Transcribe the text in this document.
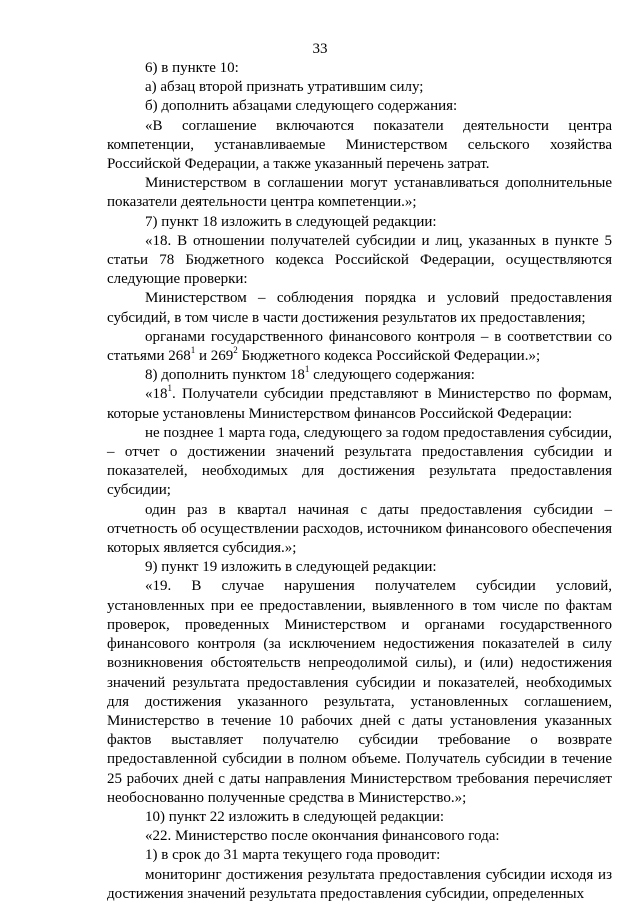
33

6) в пункте 10:

а) абзац второй признать утратившим силу;

б) дополнить абзацами следующего содержания:

«В соглашение включаются показатели деятельности центра компетенции, устанавливаемые Министерством сельского хозяйства Российской Федерации, а также указанный перечень затрат.

Министерством в соглашении могут устанавливаться дополнительные показатели деятельности центра компетенции.»;

7) пункт 18 изложить в следующей редакции:

«18. В отношении получателей субсидии и лиц, указанных в пункте 5 статьи 78 Бюджетного кодекса Российской Федерации, осуществляются следующие проверки:

Министерством – соблюдения порядка и условий предоставления субсидий, в том числе в части достижения результатов их предоставления;

органами государственного финансового контроля – в соответствии со статьями $268^1$ и $269^2$ Бюджетного кодекса Российской Федерации.»;

8) дополнить пунктом $18^1$ следующего содержания:

«$18^1$. Получатели субсидии представляют в Министерство по формам, которые установлены Министерством финансов Российской Федерации:

не позднее 1 марта года, следующего за годом предоставления субсидии, – отчет о достижении значений результата предоставления субсидии и показателей, необходимых для достижения результата предоставления субсидии;

один раз в квартал начиная с даты предоставления субсидии – отчетность об осуществлении расходов, источником финансового обеспечения которых является субсидия.»;

9) пункт 19 изложить в следующей редакции:

«19. В случае нарушения получателем субсидии условий, установленных при ее предоставлении, выявленного в том числе по фактам проверок, проведенных Министерством и органами государственного финансового контроля (за исключением недостижения показателей в силу возникновения обстоятельств непреодолимой силы), и (или) недостижения значений результата предоставления субсидии и показателей, необходимых для достижения указанного результата, установленных соглашением, Министерство в течение 10 рабочих дней с даты установления указанных фактов выставляет получателю субсидии требование о возврате предоставленной субсидии в полном объеме. Получатель субсидии в течение 25 рабочих дней с даты направления Министерством требования перечисляет необоснованно полученные средства в Министерство.»;

10) пункт 22 изложить в следующей редакции:

«22. Министерство после окончания финансового года:

1) в срок до 31 марта текущего года проводит:

мониторинг достижения результата предоставления субсидии исходя из достижения значений результата предоставления субсидии, определенных
